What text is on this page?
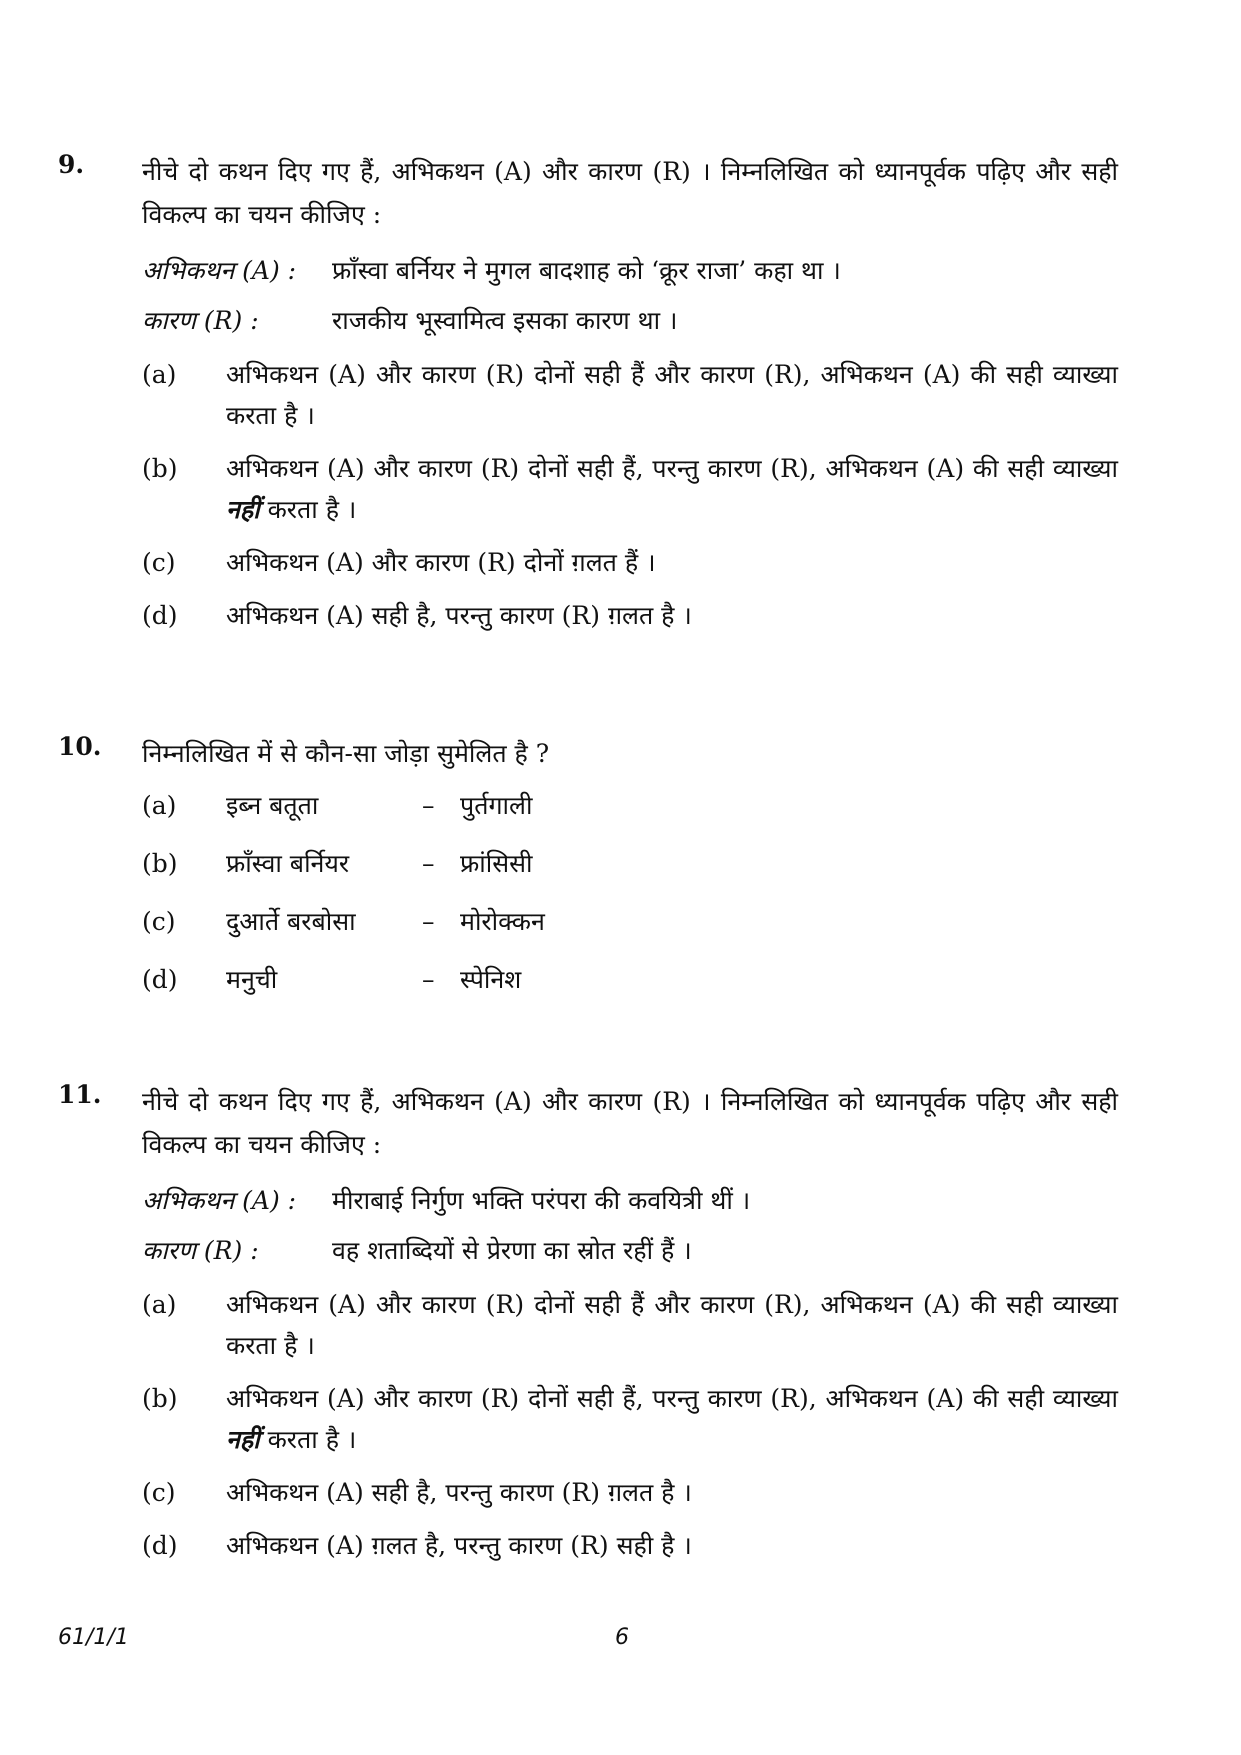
9. नीचे दो कथन दिए गए हैं, अभिकथन (A) और कारण (R) । निम्नलिखित को ध्यानपूर्वक पढ़िए और सही विकल्प का चयन कीजिए :
अभिकथन (A) : फ्राँस्वा बर्नियर ने मुगल बादशाह को ‘क्रूर राजा’ कहा था ।
कारण (R) :	राजकीय भूस्वामित्व इसका कारण था ।
(a) अभिकथन (A) और कारण (R) दोनों सही हैं और कारण (R), अभिकथन (A) की सही व्याख्या करता है ।
(b) अभिकथन (A) और कारण (R) दोनों सही हैं, परन्तु कारण (R), अभिकथन (A) की सही व्याख्या नहीं करता है ।
(c) अभिकथन (A) और कारण (R) दोनों ग़लत हैं ।
(d) अभिकथन (A) सही है, परन्तु कारण (R) ग़लत है ।
10. निम्नलिखित में से कौन-सा जोड़ा सुमेलित है ?
(a) इब्न बतूता	– पुर्तगाली
(b) फ्राँस्वा बर्नियर	– फ्रांसिसी
(c) दुआर्ते बरबोसा	– मोरोक्कन
(d) मनुची	– स्पेनिश
11. नीचे दो कथन दिए गए हैं, अभिकथन (A) और कारण (R) । निम्नलिखित को ध्यानपूर्वक पढ़िए और सही विकल्प का चयन कीजिए :
अभिकथन (A) : मीराबाई निर्गुण भक्ति परंपरा की कवयित्री थीं ।
कारण (R) :	वह शताब्दियों से प्रेरणा का स्रोत रहीं हैं ।
(a) अभिकथन (A) और कारण (R) दोनों सही हैं और कारण (R), अभिकथन (A) की सही व्याख्या करता है ।
(b) अभिकथन (A) और कारण (R) दोनों सही हैं, परन्तु कारण (R), अभिकथन (A) की सही व्याख्या नहीं करता है ।
(c) अभिकथन (A) सही है, परन्तु कारण (R) ग़लत है ।
(d) अभिकथन (A) ग़लत है, परन्तु कारण (R) सही है ।
61/1/1	6
